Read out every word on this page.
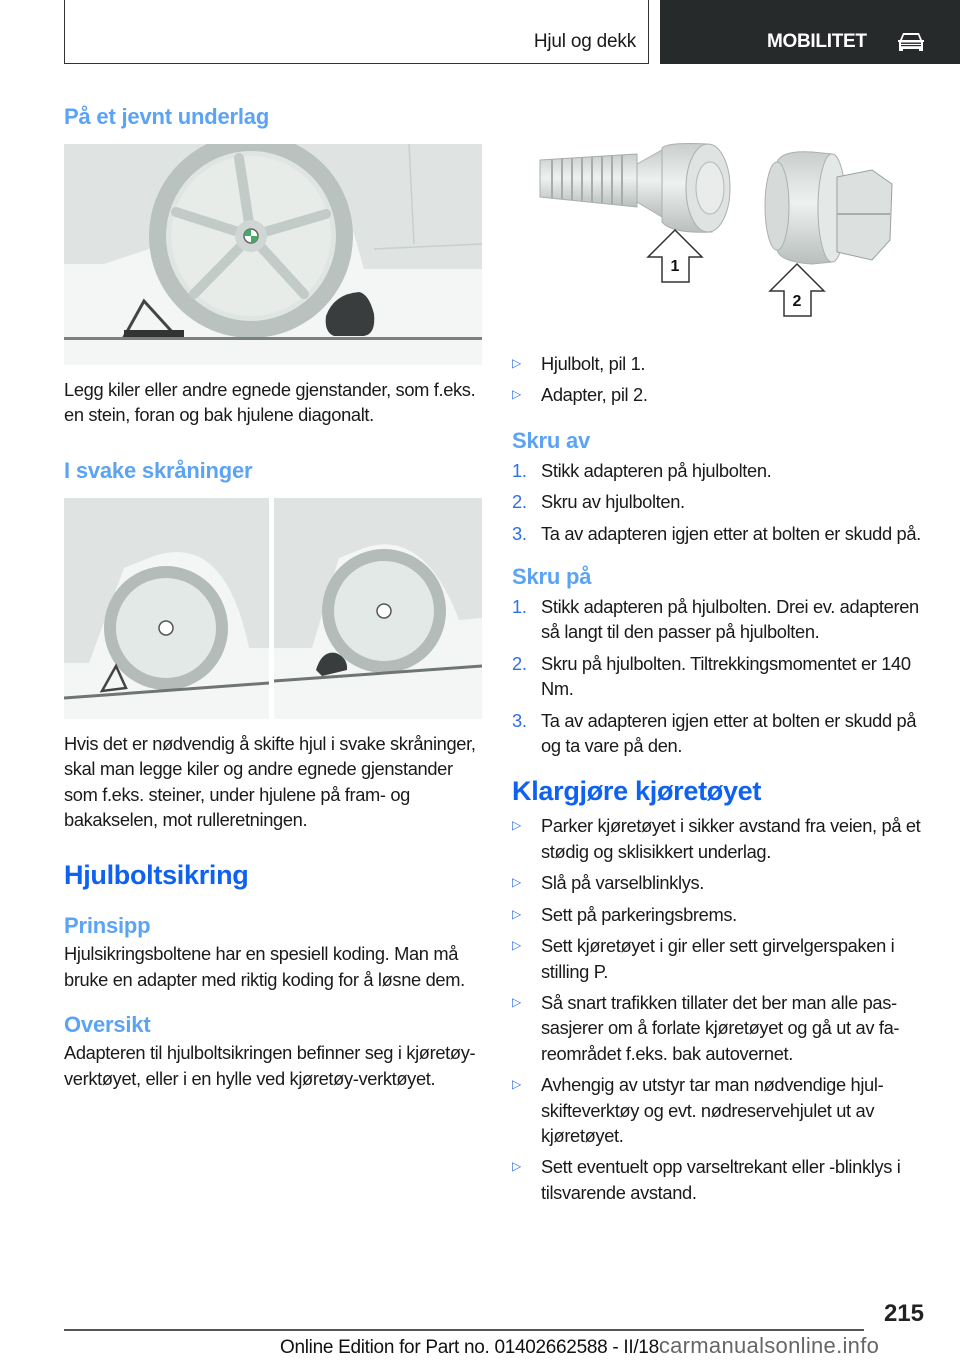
Hjul og dekk	MOBILITET
På et jevnt underlag
Legg kiler eller andre egnede gjenstander, som f.eks. en stein, foran og bak hjulene diagonalt.
I svake skråninger
Hvis det er nødvendig å skifte hjul i svake skråninger, skal man legge kiler og andre egnede gjenstander som f.eks. steiner, under hjulene på fram- og bakakselen, mot rulleretningen.
Hjulboltsikring
Prinsipp
Hjulsikringsboltene har en spesiell koding. Man må bruke en adapter med riktig koding for å løsne dem.
Oversikt
Adapteren til hjulboltsikringen befinner seg i kjøretøy-verktøyet, eller i en hylle ved kjøretøy-verktøyet.
1
2
▷	Hjulbolt, pil 1.
▷	Adapter, pil 2.
Skru av
1. Stikk adapteren på hjulbolten.
2. Skru av hjulbolten.
3. Ta av adapteren igjen etter at bolten er skudd på.
Skru på
1. Stikk adapteren på hjulbolten. Drei ev. adapteren så langt til den passer på hjulbolten.
2. Skru på hjulbolten. Tiltrekkingsmomentet er 140 Nm.
3. Ta av adapteren igjen etter at bolten er skudd på og ta vare på den.
Klargjøre kjøretøyet
▷	Parker kjøretøyet i sikker avstand fra veien, på et stødig og sklisikkert underlag.
▷	Slå på varselblinklys.
▷	Sett på parkeringsbrems.
▷	Sett kjøretøyet i gir eller sett girvelgerspaken i stilling P.
▷	Så snart trafikken tillater det ber man alle passasjerer om å forlate kjøretøyet og gå ut av fareområdet f.eks. bak autovernet.
▷	Avhengig av utstyr tar man nødvendige hjulskifteverktøy og evt. nødreservehjulet ut av kjøretøyet.
▷	Sett eventuelt opp varseltrekant eller -blinklys i tilsvarende avstand.
215
Online Edition for Part no. 01402662588 - II/18carmanualsonline.info
